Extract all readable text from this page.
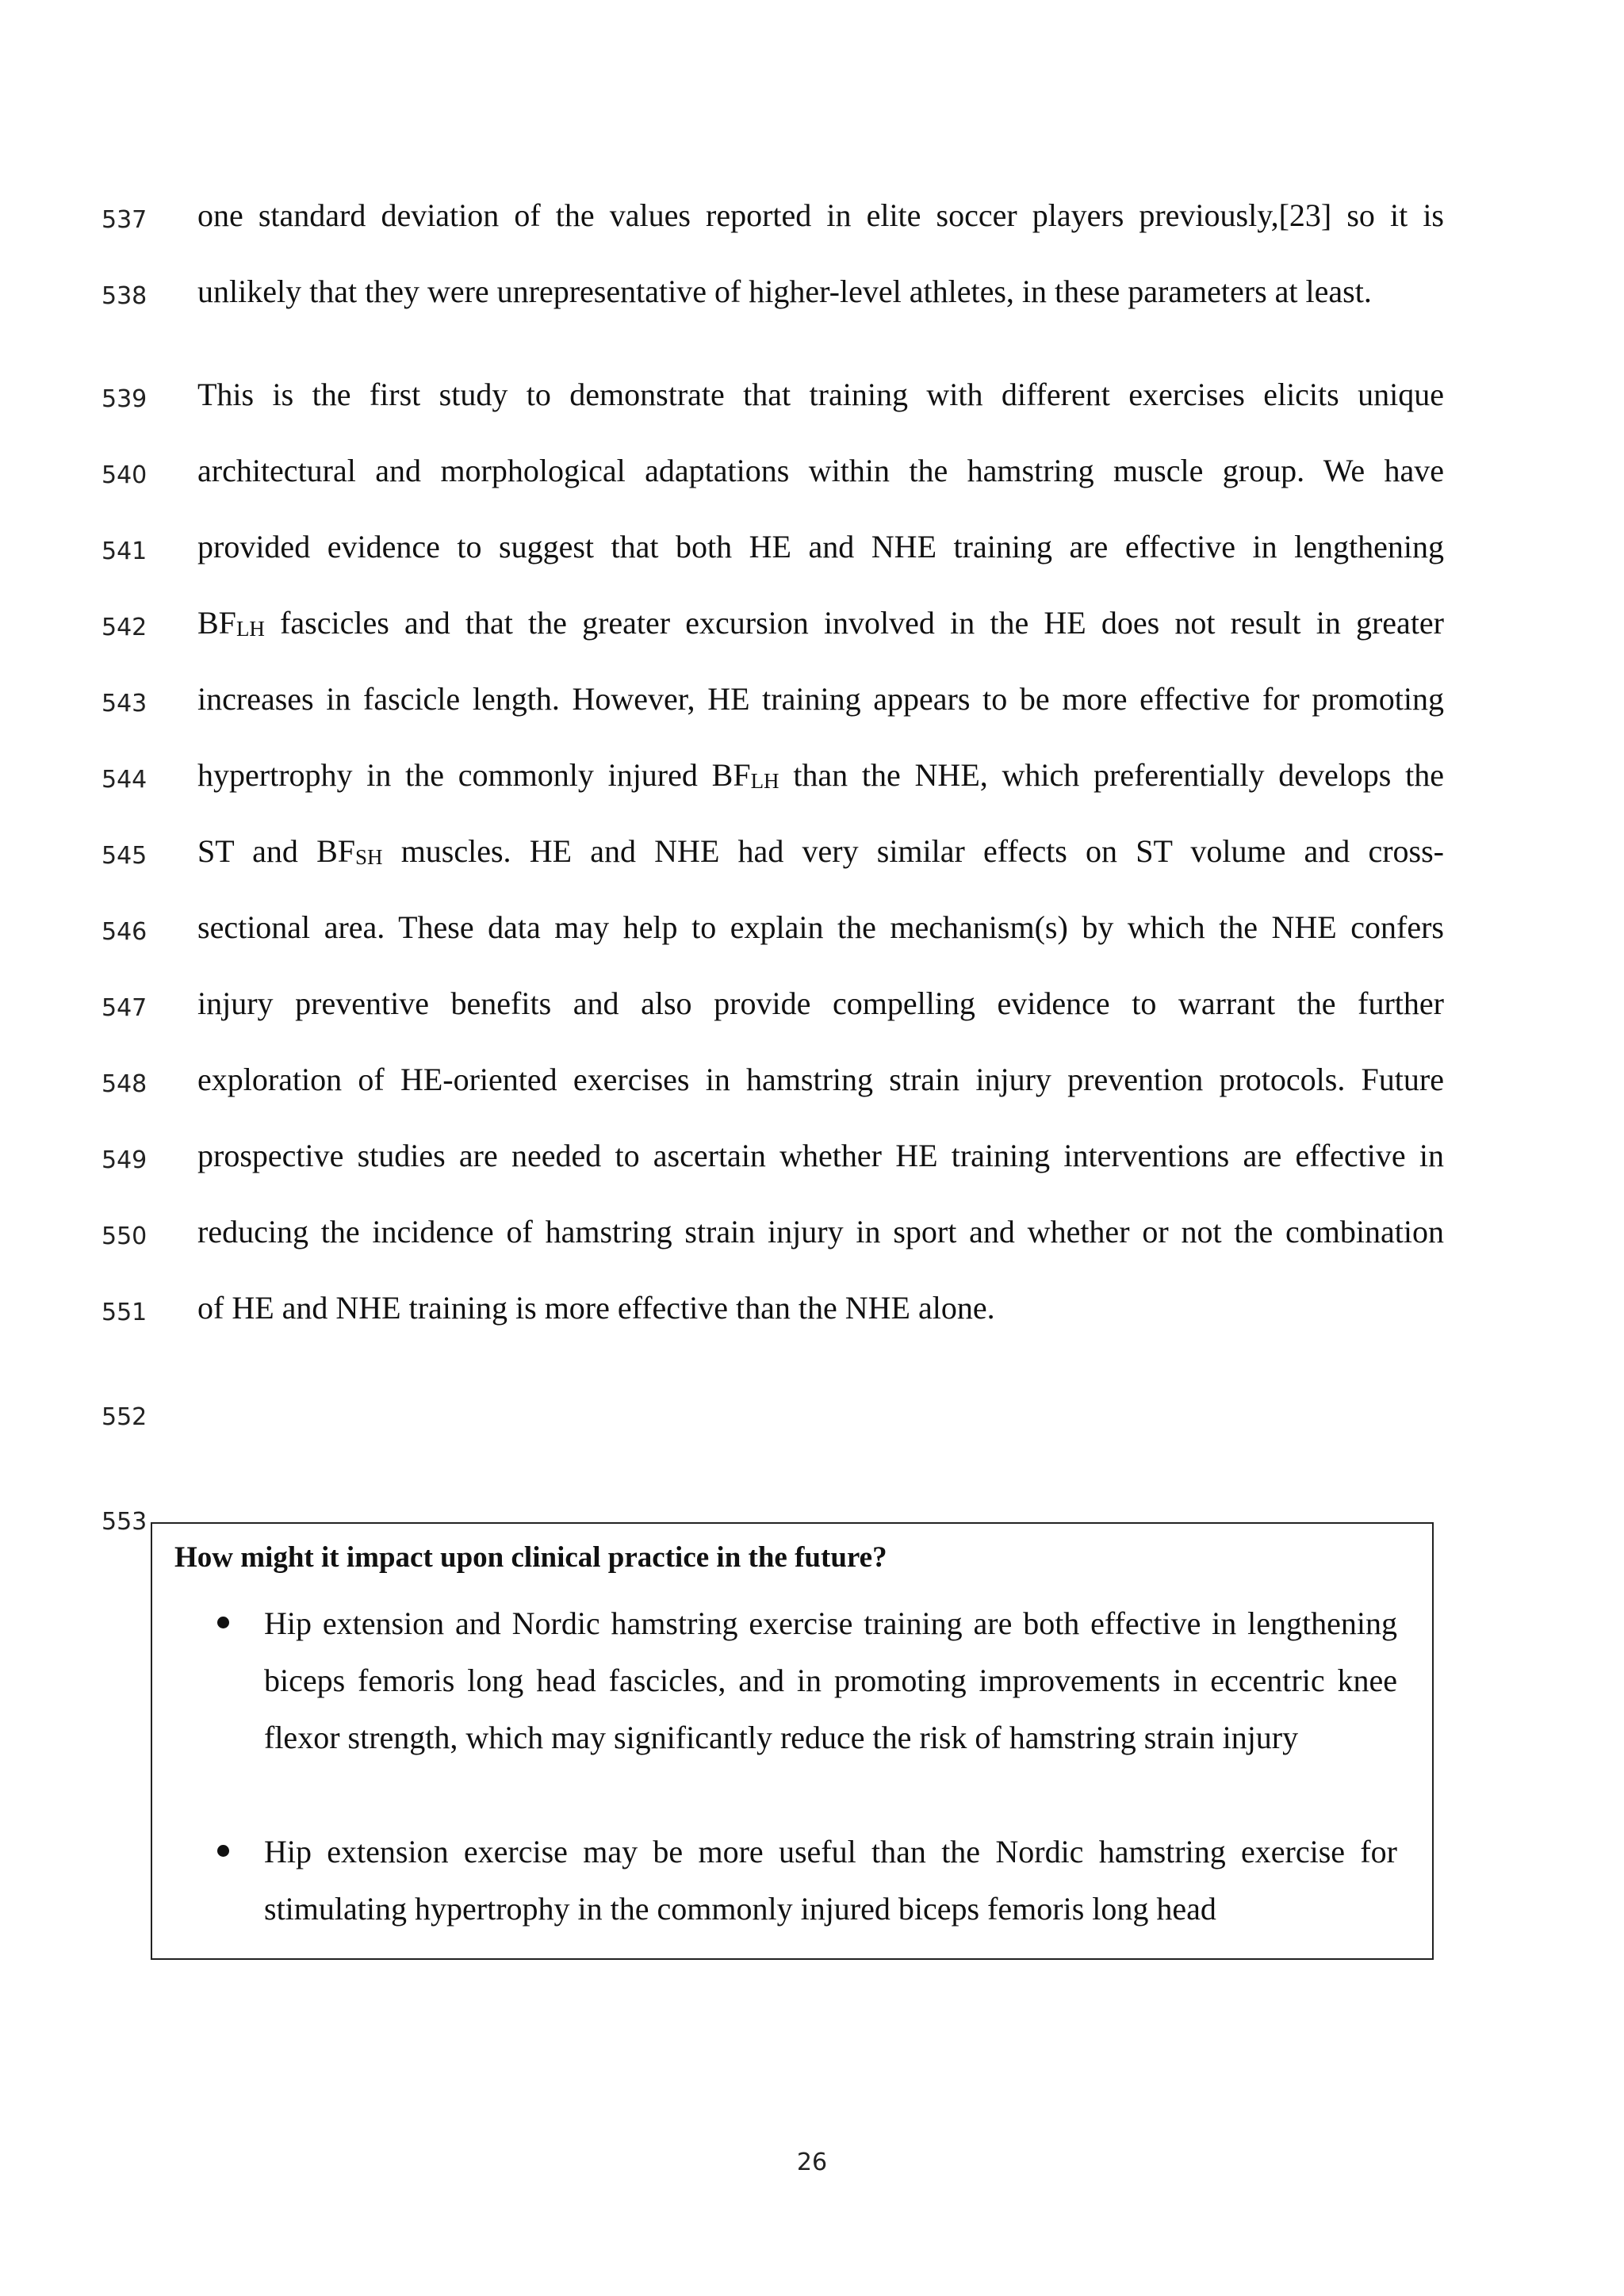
537	one standard deviation of the values reported in elite soccer players previously,[23] so it is
538	unlikely that they were unrepresentative of higher-level athletes, in these parameters at least.
539	This is the first study to demonstrate that training with different exercises elicits unique
540	architectural and morphological adaptations within the hamstring muscle group. We have
541	provided evidence to suggest that both HE and NHE training are effective in lengthening
542	BFLH fascicles and that the greater excursion involved in the HE does not result in greater
543	increases in fascicle length. However, HE training appears to be more effective for promoting
544	hypertrophy in the commonly injured BFLH than the NHE, which preferentially develops the
545	ST and BFSH muscles. HE and NHE had very similar effects on ST volume and cross-
546	sectional area. These data may help to explain the mechanism(s) by which the NHE confers
547	injury preventive benefits and also provide compelling evidence to warrant the further
548	exploration of HE-oriented exercises in hamstring strain injury prevention protocols. Future
549	prospective studies are needed to ascertain whether HE training interventions are effective in
550	reducing the incidence of hamstring strain injury in sport and whether or not the combination
551	of HE and NHE training is more effective than the NHE alone.
552
553
How might it impact upon clinical practice in the future?
Hip extension and Nordic hamstring exercise training are both effective in lengthening biceps femoris long head fascicles, and in promoting improvements in eccentric knee flexor strength, which may significantly reduce the risk of hamstring strain injury
Hip extension exercise may be more useful than the Nordic hamstring exercise for stimulating hypertrophy in the commonly injured biceps femoris long head
26
